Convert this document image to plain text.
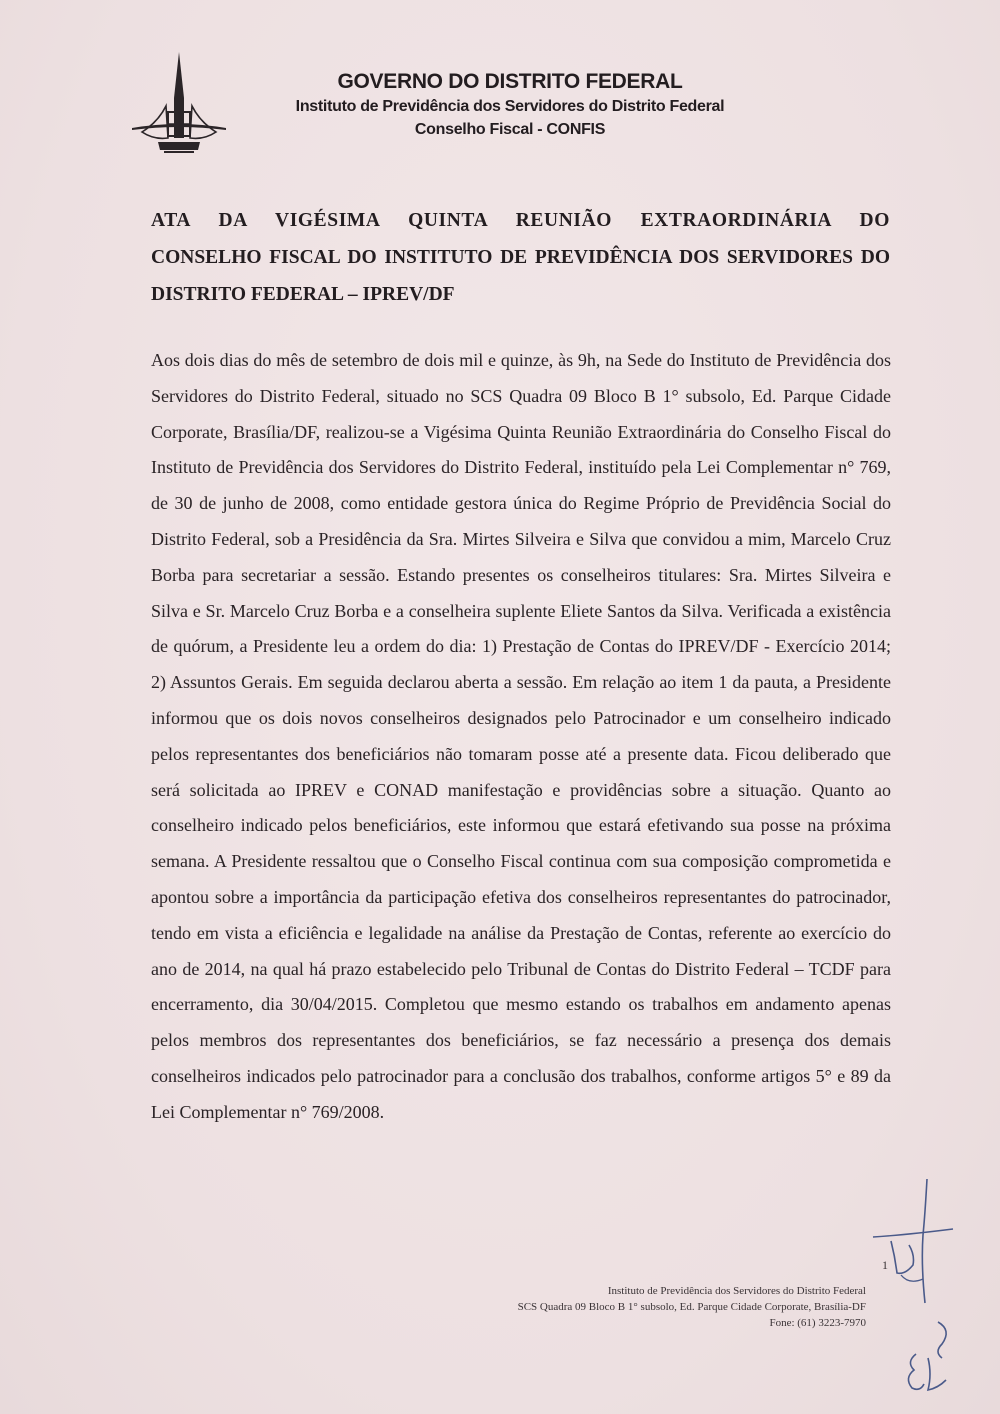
GOVERNO DO DISTRITO FEDERAL
Instituto de Previdência dos Servidores do Distrito Federal
Conselho Fiscal - CONFIS
ATA DA VIGÉSIMA QUINTA REUNIÃO EXTRAORDINÁRIA DO
CONSELHO FISCAL DO INSTITUTO DE PREVIDÊNCIA DOS SERVIDORES DO DISTRITO FEDERAL – IPREV/DF
Aos dois dias do mês de setembro de dois mil e quinze, às 9h, na Sede do Instituto de Previdência dos Servidores do Distrito Federal, situado no SCS Quadra 09 Bloco B 1° subsolo, Ed. Parque Cidade Corporate, Brasília/DF, realizou-se a Vigésima Quinta Reunião Extraordinária do Conselho Fiscal do Instituto de Previdência dos Servidores do Distrito Federal, instituído pela Lei Complementar n° 769, de 30 de junho de 2008, como entidade gestora única do Regime Próprio de Previdência Social do Distrito Federal, sob a Presidência da Sra. Mirtes Silveira e Silva que convidou a mim, Marcelo Cruz Borba para secretariar a sessão. Estando presentes os conselheiros titulares: Sra. Mirtes Silveira e Silva e Sr. Marcelo Cruz Borba e a conselheira suplente Eliete Santos da Silva. Verificada a existência de quórum, a Presidente leu a ordem do dia: 1) Prestação de Contas do IPREV/DF - Exercício 2014; 2) Assuntos Gerais. Em seguida declarou aberta a sessão. Em relação ao item 1 da pauta, a Presidente informou que os dois novos conselheiros designados pelo Patrocinador e um conselheiro indicado pelos representantes dos beneficiários não tomaram posse até a presente data. Ficou deliberado que será solicitada ao IPREV e CONAD manifestação e providências sobre a situação. Quanto ao conselheiro indicado pelos beneficiários, este informou que estará efetivando sua posse na próxima semana. A Presidente ressaltou que o Conselho Fiscal continua com sua composição comprometida e apontou sobre a importância da participação efetiva dos conselheiros representantes do patrocinador, tendo em vista a eficiência e legalidade na análise da Prestação de Contas, referente ao exercício do ano de 2014, na qual há prazo estabelecido pelo Tribunal de Contas do Distrito Federal – TCDF para encerramento, dia 30/04/2015. Completou que mesmo estando os trabalhos em andamento apenas pelos membros dos representantes dos beneficiários, se faz necessário a presença dos demais conselheiros indicados pelo patrocinador para a conclusão dos trabalhos, conforme artigos 5° e 89 da Lei Complementar n° 769/2008.
1
Instituto de Previdência dos Servidores do Distrito Federal
SCS Quadra 09 Bloco B 1° subsolo, Ed. Parque Cidade Corporate, Brasília-DF
Fone: (61) 3223-7970
